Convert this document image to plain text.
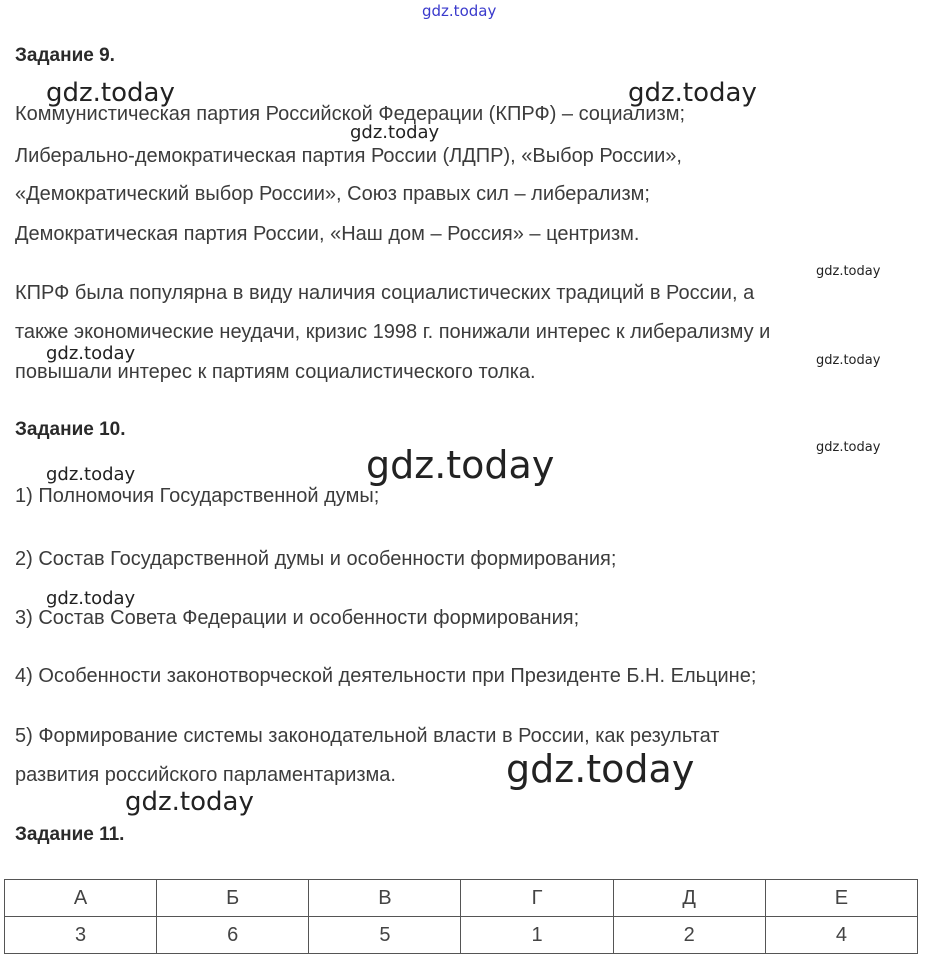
gdz.today
gdz.today	gdz.today
gdz.today
gdz.today
gdz.today	gdz.today
gdz.today
gdz.today
gdz.today
gdz.today
gdz.today
gdz.today
Задание 9.
Коммунистическая партия Российской Федерации (КПРФ) – социализм;
Либерально-демократическая партия России (ЛДПР), «Выбор России»,
«Демократический выбор России», Союз правых сил – либерализм;
Демократическая партия России, «Наш дом – Россия» – центризм.
КПРФ была популярна в виду наличия социалистических традиций в России, а
также экономические неудачи, кризис 1998 г. понижали интерес к либерализму и
повышали интерес к партиям социалистического толка.
Задание 10.
1) Полномочия Государственной думы;
2) Состав Государственной думы и особенности формирования;
3) Состав Совета Федерации и особенности формирования;
4) Особенности законотворческой деятельности при Президенте Б.Н. Ельцине;
5) Формирование системы законодательной власти в России, как результат
развития российского парламентаризма.
Задание 11.
А	Б	В	Г	Д	Е
3	6	5	1	2	4
